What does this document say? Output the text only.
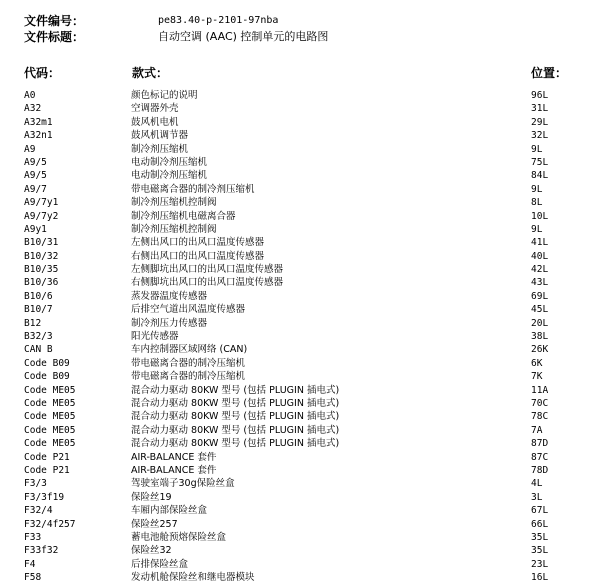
文件编号：	pe83.40-p-2101-97nba
文件标题：	自动空调 (AAC) 控制单元的电路图
代码：	款式：	位置：
A0	颜色标记的说明	96L
A32	空调器外壳	31L
A32m1	鼓风机电机	29L
A32n1	鼓风机调节器	32L
A9	制冷剂压缩机	9L
A9/5	电动制冷剂压缩机	75L
A9/5	电动制冷剂压缩机	84L
A9/7	带电磁离合器的制冷剂压缩机	9L
A9/7y1	制冷剂压缩机控制阀	8L
A9/7y2	制冷剂压缩机电磁离合器	10L
A9y1	制冷剂压缩机控制阀	9L
B10/31	左侧出风口的出风口温度传感器	41L
B10/32	右侧出风口的出风口温度传感器	40L
B10/35	左侧脚坑出风口的出风口温度传感器	42L
B10/36	右侧脚坑出风口的出风口温度传感器	43L
B10/6	蒸发器温度传感器	69L
B10/7	后排空气道出风温度传感器	45L
B12	制冷剂压力传感器	20L
B32/3	阳光传感器	38L
CAN B	车内控制器区域网络 (CAN)	26K
Code B09	带电磁离合器的制冷压缩机	6K
Code B09	带电磁离合器的制冷压缩机	7K
Code ME05	混合动力驱动 80KW 型号 (包括 PLUGIN 插电式)	11A
Code ME05	混合动力驱动 80KW 型号 (包括 PLUGIN 插电式)	70C
Code ME05	混合动力驱动 80KW 型号 (包括 PLUGIN 插电式)	78C
Code ME05	混合动力驱动 80KW 型号 (包括 PLUGIN 插电式)	7A
Code ME05	混合动力驱动 80KW 型号 (包括 PLUGIN 插电式)	87D
Code P21	AIR-BALANCE 套件	87C
Code P21	AIR-BALANCE 套件	78D
F3/3	驾驶室端子30g保险丝盒	4L
F3/3f19	保险丝19	3L
F32/4	车厢内部保险丝盒	67L
F32/4f257	保险丝257	66L
F33	蓄电池舱预熔保险丝盒	35L
F33f32	保险丝32	35L
F4	后排保险丝盒	23L
F58	发动机舱保险丝和继电器模块	16L
